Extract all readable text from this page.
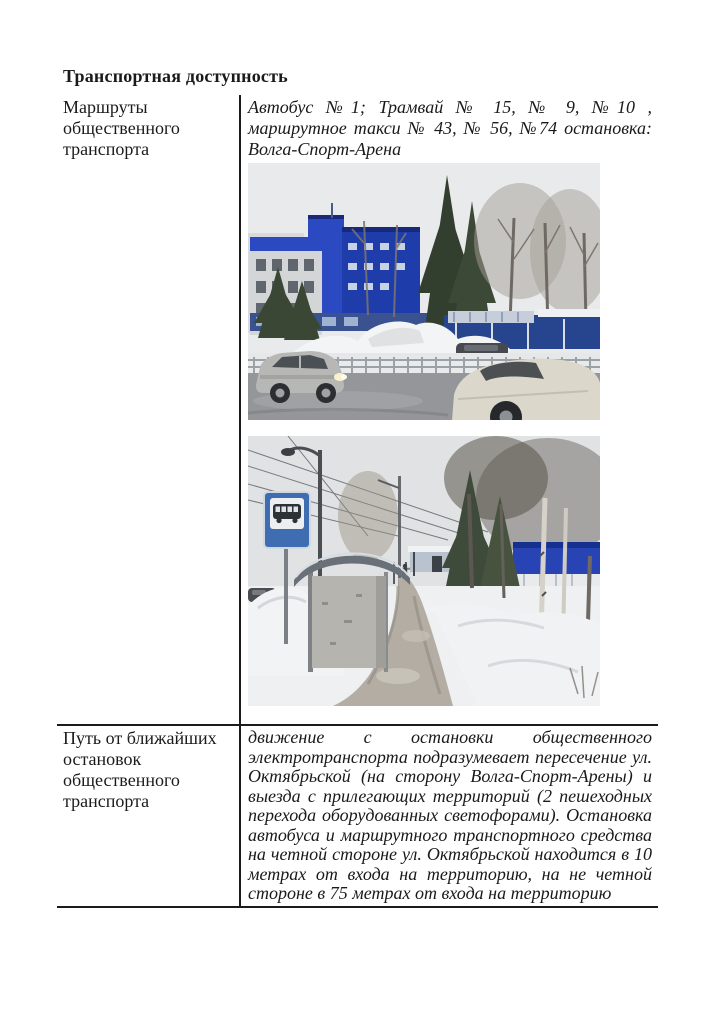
Транспортная доступность
Маршруты общественного транспорта
Автобус №1; Трамвай № 15, № 9, №10 , маршрутное такси № 43, № 56, №74 остановка: Волга-Спорт-Арена
Путь от ближайших остановок общественного транспорта
движение с остановки общественного электротранспорта подразумевает пересечение ул. Октябрьской (на сторону Волга-Спорт-Арены) и выезда с прилегающих территорий (2 пешеходных перехода оборудованных светофорами). Остановка автобуса и маршрутного транспортного средства на четной стороне ул. Октябрьской находится в 10 метрах от входа на территорию, на не четной стороне в 75 метрах от входа на территорию
